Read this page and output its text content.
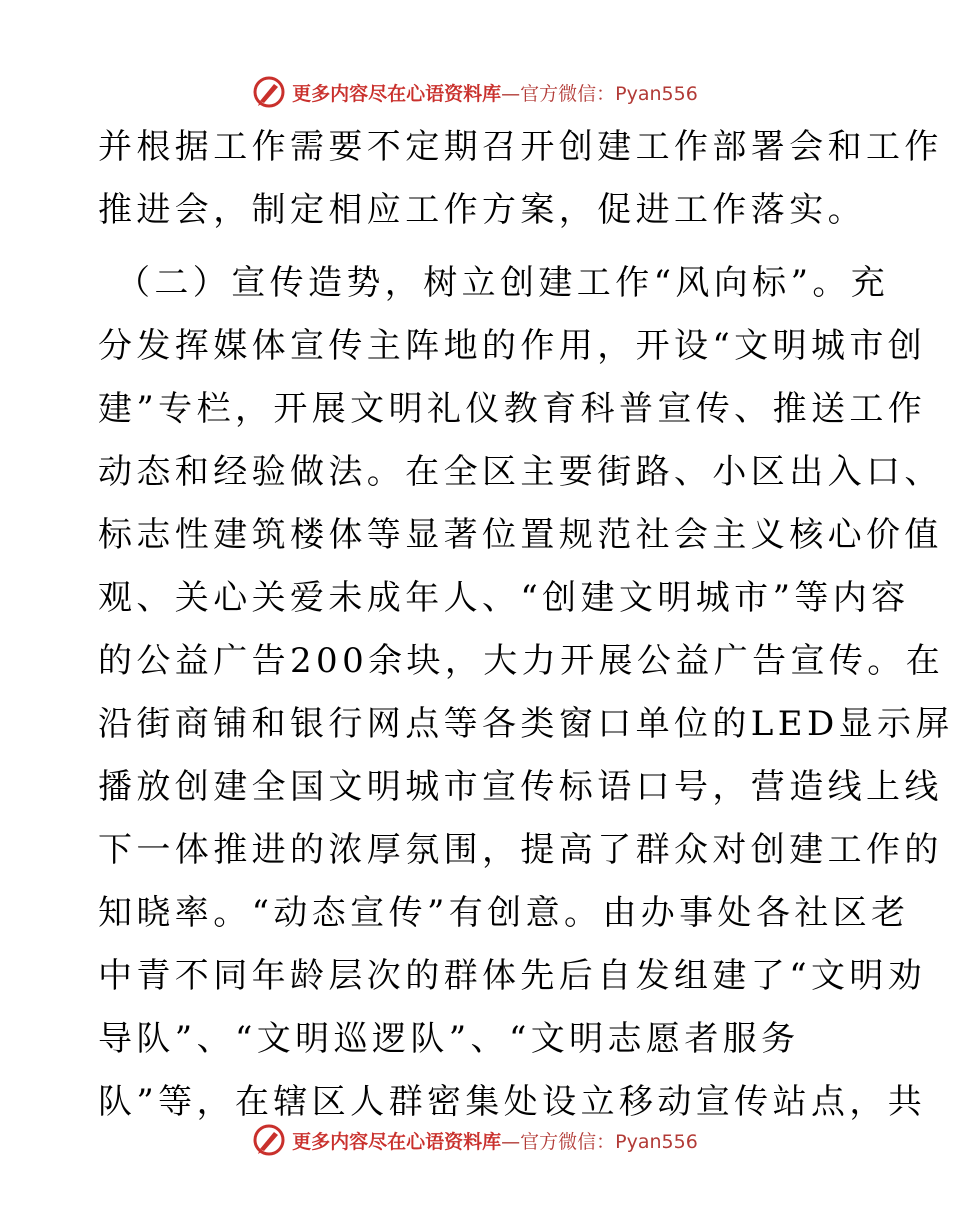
更多内容尽在心语资料库—官方微信：Pyan556
并根据工作需要不定期召开创建工作部署会和工作
推进会，制定相应工作方案，促进工作落实。
（二）宣传造势，树立创建工作“风向标”。充
分发挥媒体宣传主阵地的作用，开设“文明城市创
建”专栏，开展文明礼仪教育科普宣传、推送工作
动态和经验做法。在全区主要街路、小区出入口、
标志性建筑楼体等显著位置规范社会主义核心价值
观、关心关爱未成年人、“创建文明城市”等内容
的公益广告200余块，大力开展公益广告宣传。在
沿街商铺和银行网点等各类窗口单位的LED显示屏
播放创建全国文明城市宣传标语口号，营造线上线
下一体推进的浓厚氛围，提高了群众对创建工作的
知晓率。“动态宣传”有创意。由办事处各社区老
中青不同年龄层次的群体先后自发组建了“文明劝
导队”、“文明巡逻队”、“文明志愿者服务
队”等，在辖区人群密集处设立移动宣传站点，共
更多内容尽在心语资料库—官方微信：Pyan556
